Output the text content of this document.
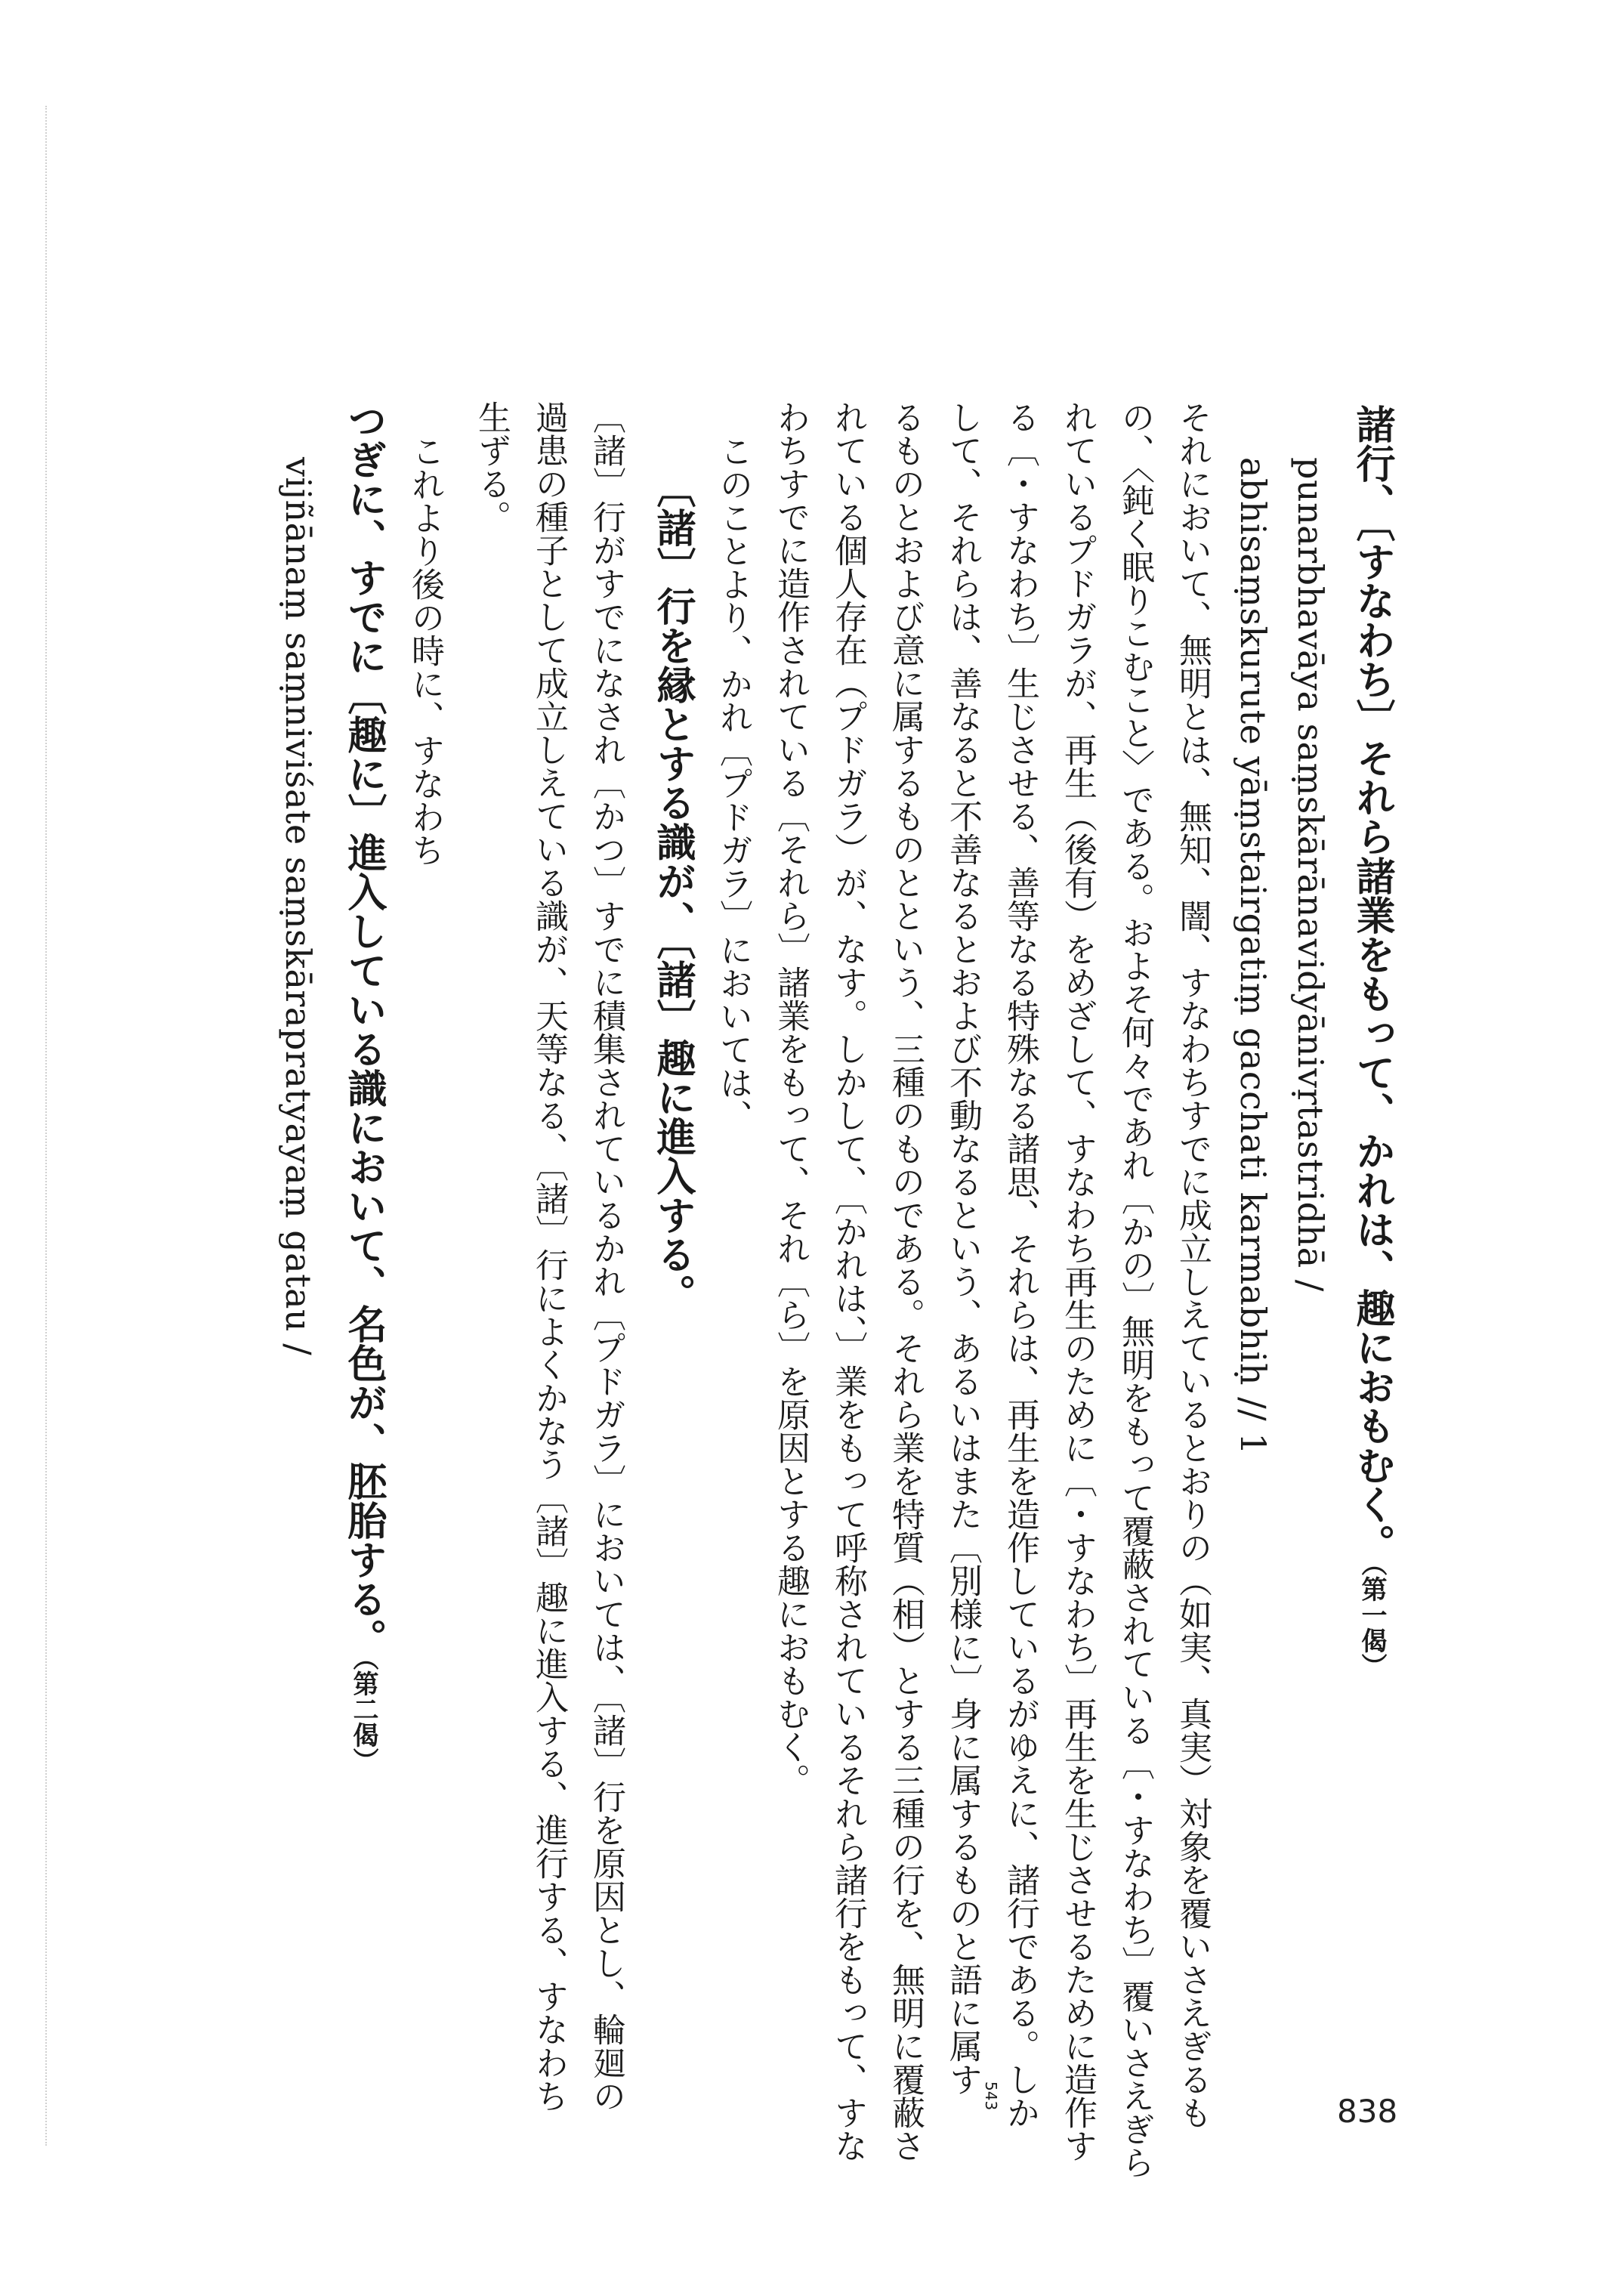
諸行、〔すなわち〕それら諸業をもって、かれは、趣におもむく。（第一偈）
punarbhavāya saṃskārānavidyānivṛtastridhā /
abhisaṃskurute yāṃstairgatiṃ gacchati karmabhiḥ // 1
それにおいて、無明とは、無知、闇、すなわちすでに成立しえているとおりの（如実、真実）対象を覆いさえぎるも
の、〈鈍く眠りこむこと〉である。およそ何々であれ〔かの〕無明をもって覆蔽されている〔・すなわち〕覆いさえぎら
れているプドガラが、再生（後有）をめざして、すなわち再生のために〔・すなわち〕再生を生じさせるために造作す
る〔・すなわち〕生じさせる、善等なる特殊なる諸思、それらは、再生を造作しているがゆえに、諸行である。しか
して、それらは、善なると不善なるとおよび不動なるという、あるいはまた〔別様に〕身に属するものと語に属す
るものとおよび意に属するものとという、三種のものである。それら業を特質（相）とする三種の行を、無明に覆蔽さ
れている個人存在（プドガラ）が、なす。しかして、〔かれは、〕業をもって呼称されているそれら諸行をもって、すな
わちすでに造作されている〔それら〕諸業をもって、それ〔ら〕を原因とする趣におもむく。
このことより、かれ〔プドガラ〕においては、
〔諸〕行を縁とする識が、〔諸〕趣に進入する。
〔諸〕行がすでになされ〔かつ〕すでに積集されているかれ〔プドガラ〕においては、〔諸〕行を原因とし、輪廻の
過患の種子として成立しえている識が、天等なる、〔諸〕行によくかなう〔諸〕趣に進入する、進行する、すなわち
生ずる。
これより後の時に、すなわち
つぎに、すでに〔趣に〕進入している識において、名色が、胚胎する。（第二偈）
vijñānaṃ saṃniviśate saṃskārapratyayaṃ gatau /
543	838
